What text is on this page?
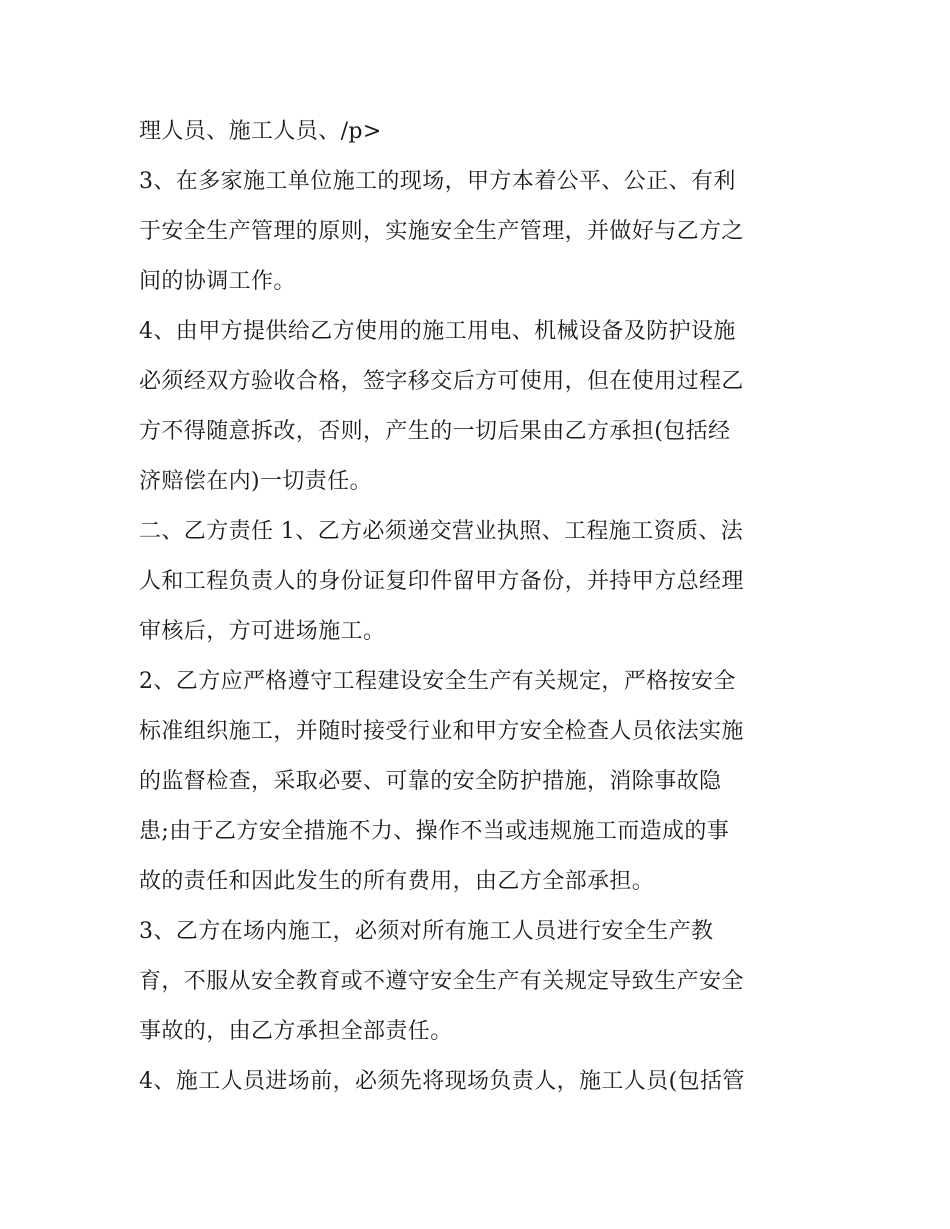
理人员、施工人员、/p>
3、在多家施工单位施工的现场，甲方本着公平、公正、有利
于安全生产管理的原则，实施安全生产管理，并做好与乙方之
间的协调工作。
4、由甲方提供给乙方使用的施工用电、机械设备及防护设施
必须经双方验收合格，签字移交后方可使用，但在使用过程乙
方不得随意拆改，否则，产生的一切后果由乙方承担(包括经
济赔偿在内)一切责任。
二、乙方责任 1、乙方必须递交营业执照、工程施工资质、法
人和工程负责人的身份证复印件留甲方备份，并持甲方总经理
审核后，方可进场施工。
2、乙方应严格遵守工程建设安全生产有关规定，严格按安全
标准组织施工，并随时接受行业和甲方安全检查人员依法实施
的监督检查，采取必要、可靠的安全防护措施，消除事故隐
患;由于乙方安全措施不力、操作不当或违规施工而造成的事
故的责任和因此发生的所有费用，由乙方全部承担。
3、乙方在场内施工，必须对所有施工人员进行安全生产教
育，不服从安全教育或不遵守安全生产有关规定导致生产安全
事故的，由乙方承担全部责任。
4、施工人员进场前，必须先将现场负责人，施工人员(包括管
